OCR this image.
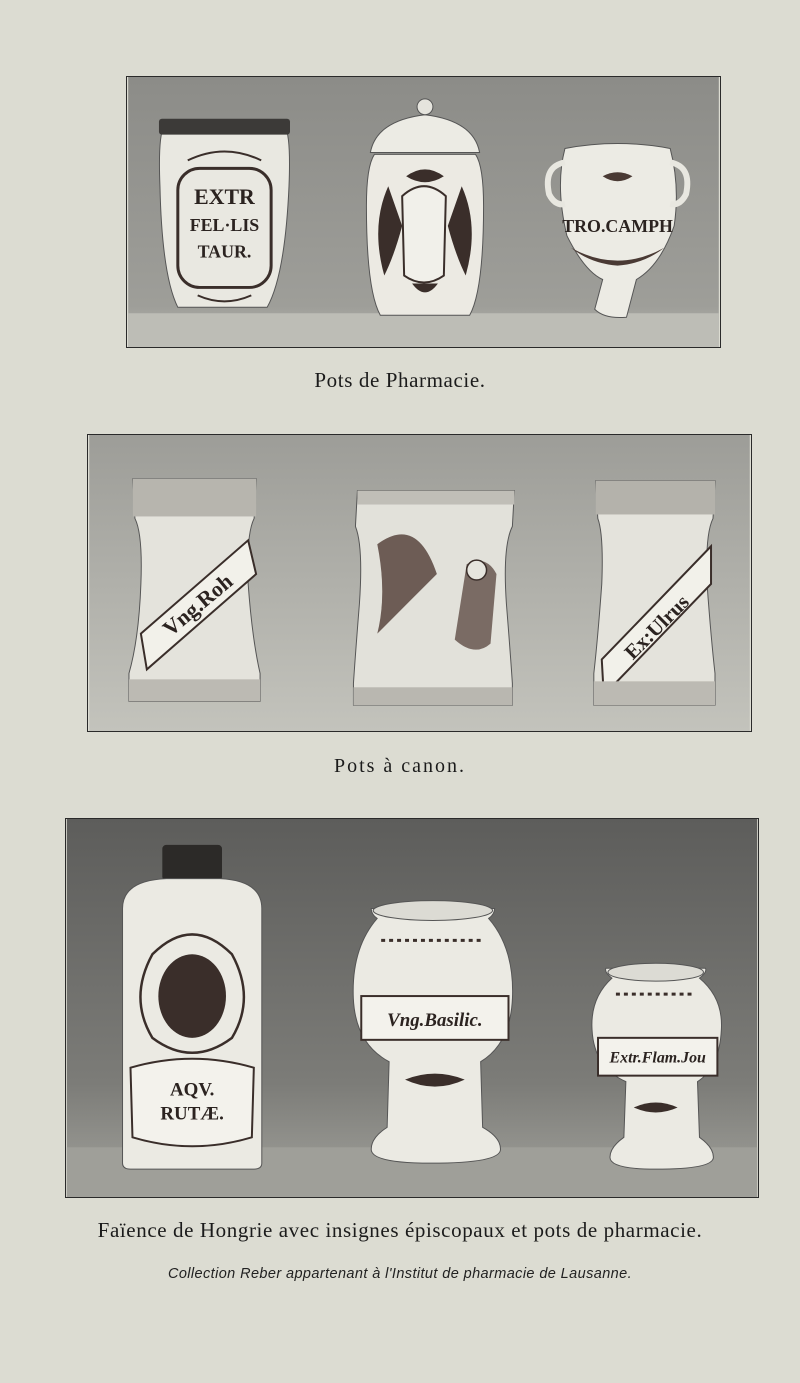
EXTR
FEL·LIS
TAUR.
TRO.CAMPH
Pots de Pharmacie.
Vng.Roh	Ex:Ulrus
Pots à canon.
AQV.
RUTÆ.
Vng.Basilic.
Extr.Flam.Jou
Faïence de Hongrie avec insignes épiscopaux et pots de pharmacie.
Collection Reber appartenant à l'Institut de pharmacie de Lausanne.
